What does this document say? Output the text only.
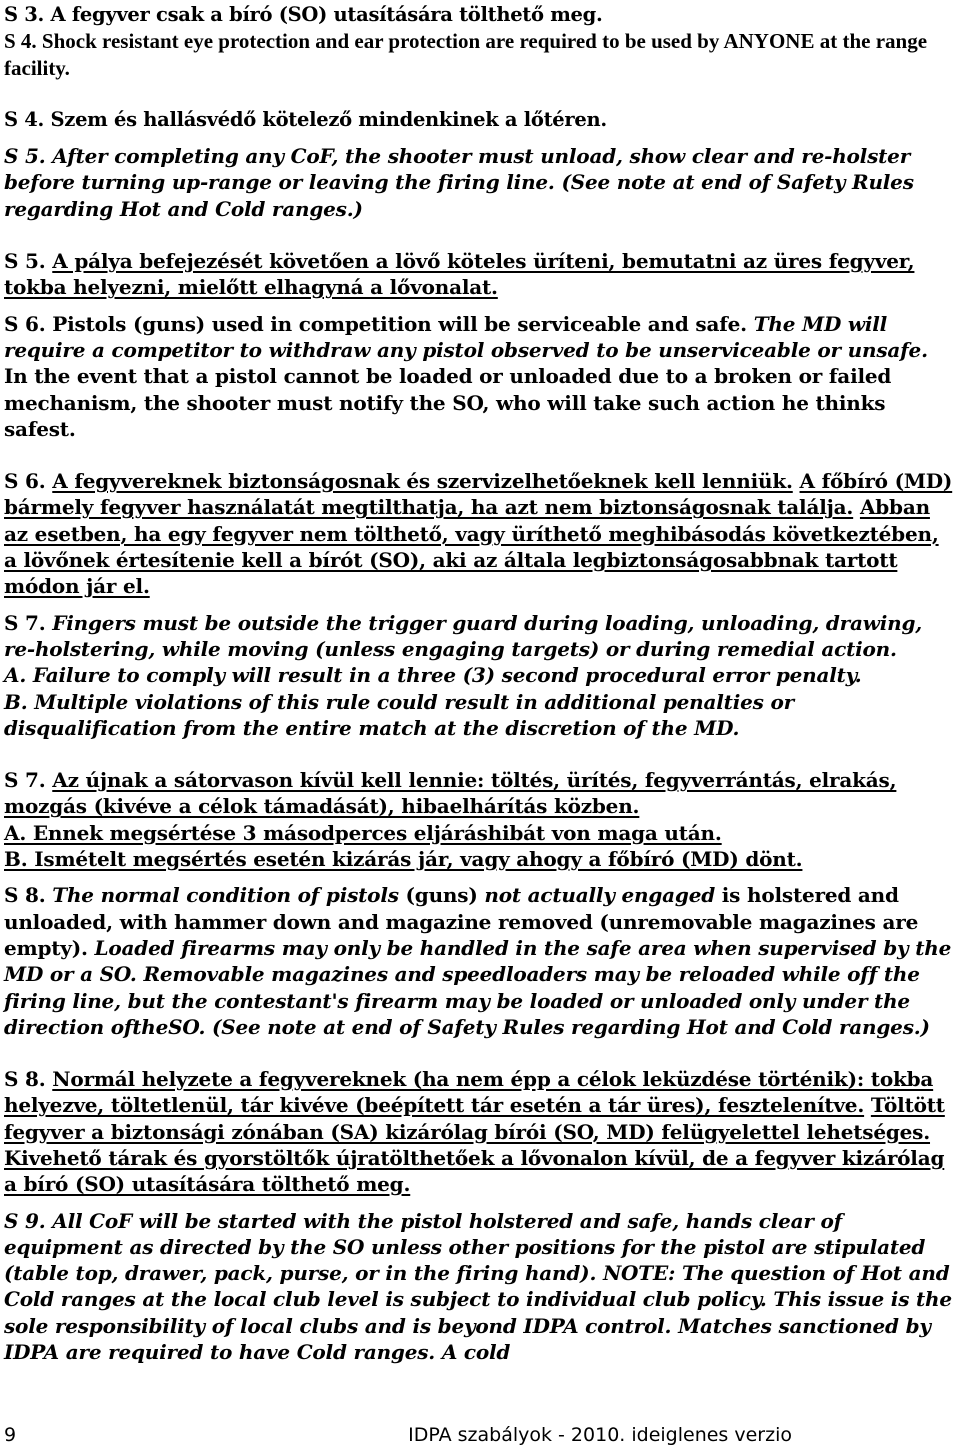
S 3. A fegyver csak a bíró (SO) utasítására tölthető meg.

S 4. Shock resistant eye protection and ear protection are required to be used by ANYONE at the range facility.

S 4. Szem és hallásvédő kötelező mindenkinek a lőtéren.

S 5. After completing any CoF, the shooter must unload, show clear and re-holster before turning up-range or leaving the firing line. (See note at end of Safety Rules regarding Hot and Cold ranges.)

S 5. A pálya befejezését követően a lövő köteles üríteni, bemutatni az üres fegyver, tokba helyezni, mielőtt elhagyná a lővonalat.

S 6. Pistols (guns) used in competition will be serviceable and safe. The MD will require a competitor to withdraw any pistol observed to be unserviceable or unsafe. In the event that a pistol cannot be loaded or unloaded due to a broken or failed mechanism, the shooter must notify the SO, who will take such action he thinks safest.

S 6. A fegyvereknek biztonságosnak és szervizelhetőeknek kell lenniük. A főbíró (MD) bármely fegyver használatát megtilthatja, ha azt nem biztonságosnak találja. Abban az esetben, ha egy fegyver nem tölthető, vagy üríthető meghibásodás következtében, a lövőnek értesítenie kell a bírót (SO), aki az általa legbiztonságosabbnak tartott módon jár el.

S 7. Fingers must be outside the trigger guard during loading, unloading, drawing, re-holstering, while moving (unless engaging targets) or during remedial action.
A. Failure to comply will result in a three (3) second procedural error penalty.
B. Multiple violations of this rule could result in additional penalties or disqualification from the entire match at the discretion of the MD.

S 7. Az újnak a sátorvason kívül kell lennie: töltés, ürítés, fegyverrántás, elrakás, mozgás (kivéve a célok támadását), hibaelhárítás közben.
A. Ennek megsértése 3 másodperces eljáráshibát von maga után.
B. Ismételt megsértés esetén kizárás jár, vagy ahogy a főbíró (MD) dönt.

S 8. The normal condition of pistols (guns) not actually engaged is holstered and unloaded, with hammer down and magazine removed (unremovable magazines are empty). Loaded firearms may only be handled in the safe area when supervised by the MD or a SO. Removable magazines and speedloaders may be reloaded while off the firing line, but the contestant's firearm may be loaded or unloaded only under the direction oftheSO. (See note at end of Safety Rules regarding Hot and Cold ranges.)

S 8. Normál helyzete a fegyvereknek (ha nem épp a célok leküzdése történik): tokba helyezve, töltetlenül, tár kivéve (beépített tár esetén a tár üres), fesztelenítve. Töltött fegyver a biztonsági zónában (SA) kizárólag bírói (SO, MD) felügyelettel lehetséges. Kivehető tárak és gyorstöltők újratölthetőek a lővonalon kívül, de a fegyver kizárólag a bíró (SO) utasítására tölthető meg.

S 9. All CoF will be started with the pistol holstered and safe, hands clear of equipment as directed by the SO unless other positions for the pistol are stipulated (table top, drawer, pack, purse, or in the firing hand). NOTE: The question of Hot and Cold ranges at the local club level is subject to individual club policy. This issue is the sole responsibility of local clubs and is beyond IDPA control. Matches sanctioned by IDPA are required to have Cold ranges. A cold

9	IDPA szabályok - 2010. ideiglenes verzio
